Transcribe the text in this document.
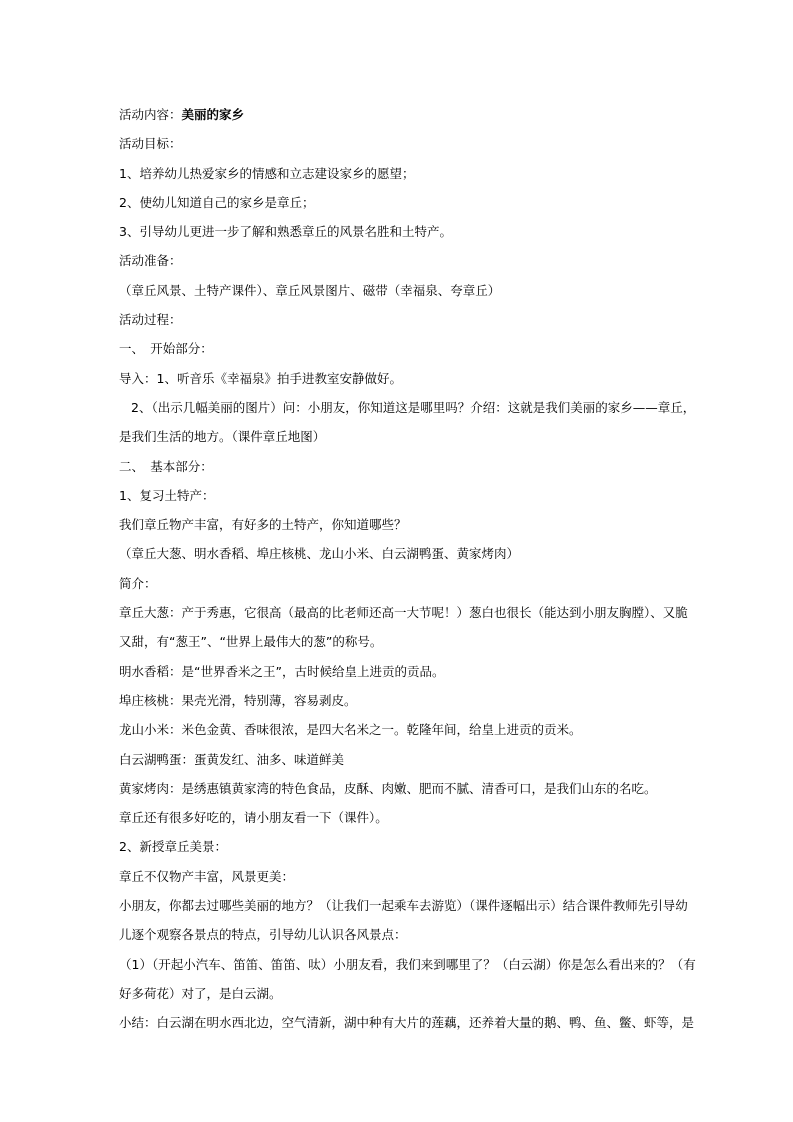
活动内容：美丽的家乡
活动目标：
1、培养幼儿热爱家乡的情感和立志建设家乡的愿望；
2、使幼儿知道自己的家乡是章丘；
3、引导幼儿更进一步了解和熟悉章丘的风景名胜和土特产。
活动准备：
（章丘风景、土特产课件）、章丘风景图片、磁带（幸福泉、夸章丘）
活动过程：
一、　开始部分：
导入：1、听音乐《幸福泉》拍手进教室安静做好。
2、（出示几幅美丽的图片）问：小朋友，你知道这是哪里吗？介绍：这就是我们美丽的家乡——章丘，
是我们生活的地方。（课件章丘地图）
二、　基本部分：
1、复习土特产：
我们章丘物产丰富，有好多的土特产，你知道哪些？
（章丘大葱、明水香稻、埠庄核桃、龙山小米、白云湖鸭蛋、黄家烤肉）
简介：
章丘大葱：产于秀惠，它很高（最高的比老师还高一大节呢！）葱白也很长（能达到小朋友胸膛）、又脆
又甜，有“葱王”、“世界上最伟大的葱”的称号。
明水香稻：是“世界香米之王”，古时候给皇上进贡的贡品。
埠庄核桃：果壳光滑，特别薄，容易剥皮。
龙山小米：米色金黄、香味很浓，是四大名米之一。乾隆年间，给皇上进贡的贡米。
白云湖鸭蛋：蛋黄发红、油多、味道鲜美
黄家烤肉：是绣惠镇黄家湾的特色食品，皮酥、肉嫩、肥而不腻、清香可口，是我们山东的名吃。
章丘还有很多好吃的，请小朋友看一下（课件）。
2、新授章丘美景：
章丘不仅物产丰富，风景更美：
小朋友，你都去过哪些美丽的地方？（让我们一起乘车去游览）（课件逐幅出示）结合课件教师先引导幼
儿逐个观察各景点的特点，引导幼儿认识各风景点：
（1）（开起小汽车、笛笛、笛笛、呔）小朋友看，我们来到哪里了？（白云湖）你是怎么看出来的？（有
好多荷花）对了，是白云湖。
小结：白云湖在明水西北边，空气清新，湖中种有大片的莲藕，还养着大量的鹅、鸭、鱼、鳖、虾等，是
